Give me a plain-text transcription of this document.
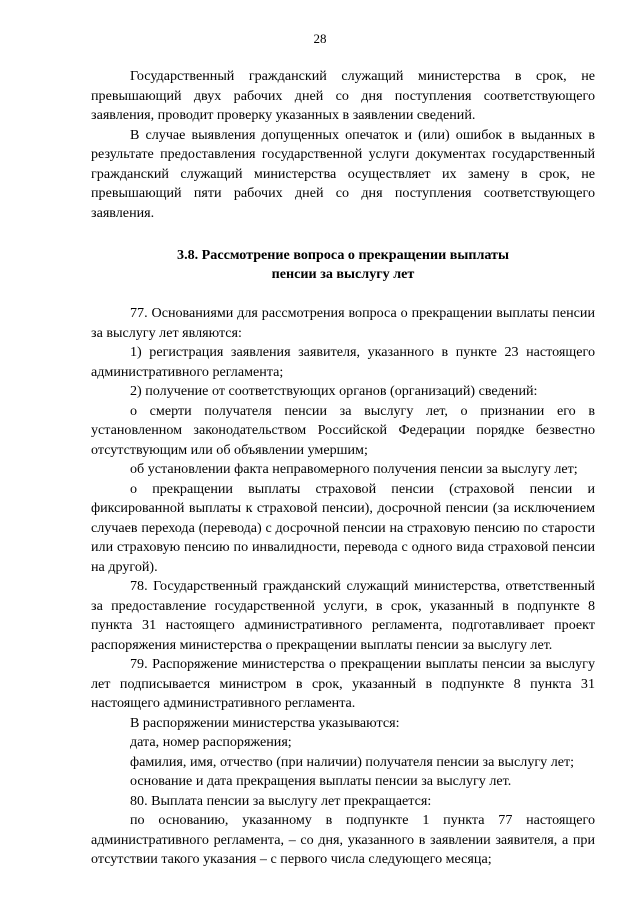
28

Государственный гражданский служащий министерства в срок, не превышающий двух рабочих дней со дня поступления соответствующего заявления, проводит проверку указанных в заявлении сведений.

В случае выявления допущенных опечаток и (или) ошибок в выданных в результате предоставления государственной услуги документах государственный гражданский служащий министерства осуществляет их замену в срок, не превышающий пяти рабочих дней со дня поступления соответствующего заявления.

3.8. Рассмотрение вопроса о прекращении выплаты
пенсии за выслугу лет

77. Основаниями для рассмотрения вопроса о прекращении выплаты пенсии за выслугу лет являются:

1) регистрация заявления заявителя, указанного в пункте 23 настоящего административного регламента;

2) получение от соответствующих органов (организаций) сведений:

о смерти получателя пенсии за выслугу лет, о признании его в установленном законодательством Российской Федерации порядке безвестно отсутствующим или об объявлении умершим;

об установлении факта неправомерного получения пенсии за выслугу лет;

о прекращении выплаты страховой пенсии (страховой пенсии и фиксированной выплаты к страховой пенсии), досрочной пенсии (за исключением случаев перехода (перевода) с досрочной пенсии на страховую пенсию по старости или страховую пенсию по инвалидности, перевода с одного вида страховой пенсии на другой).

78. Государственный гражданский служащий министерства, ответственный за предоставление государственной услуги, в срок, указанный в подпункте 8 пункта 31 настоящего административного регламента, подготавливает проект распоряжения министерства о прекращении выплаты пенсии за выслугу лет.

79. Распоряжение министерства о прекращении выплаты пенсии за выслугу лет подписывается министром в срок, указанный в подпункте 8 пункта 31 настоящего административного регламента.

В распоряжении министерства указываются:

дата, номер распоряжения;

фамилия, имя, отчество (при наличии) получателя пенсии за выслугу лет;

основание и дата прекращения выплаты пенсии за выслугу лет.

80. Выплата пенсии за выслугу лет прекращается:

по основанию, указанному в подпункте 1 пункта 77 настоящего административного регламента, – со дня, указанного в заявлении заявителя, а при отсутствии такого указания – с первого числа следующего месяца;
